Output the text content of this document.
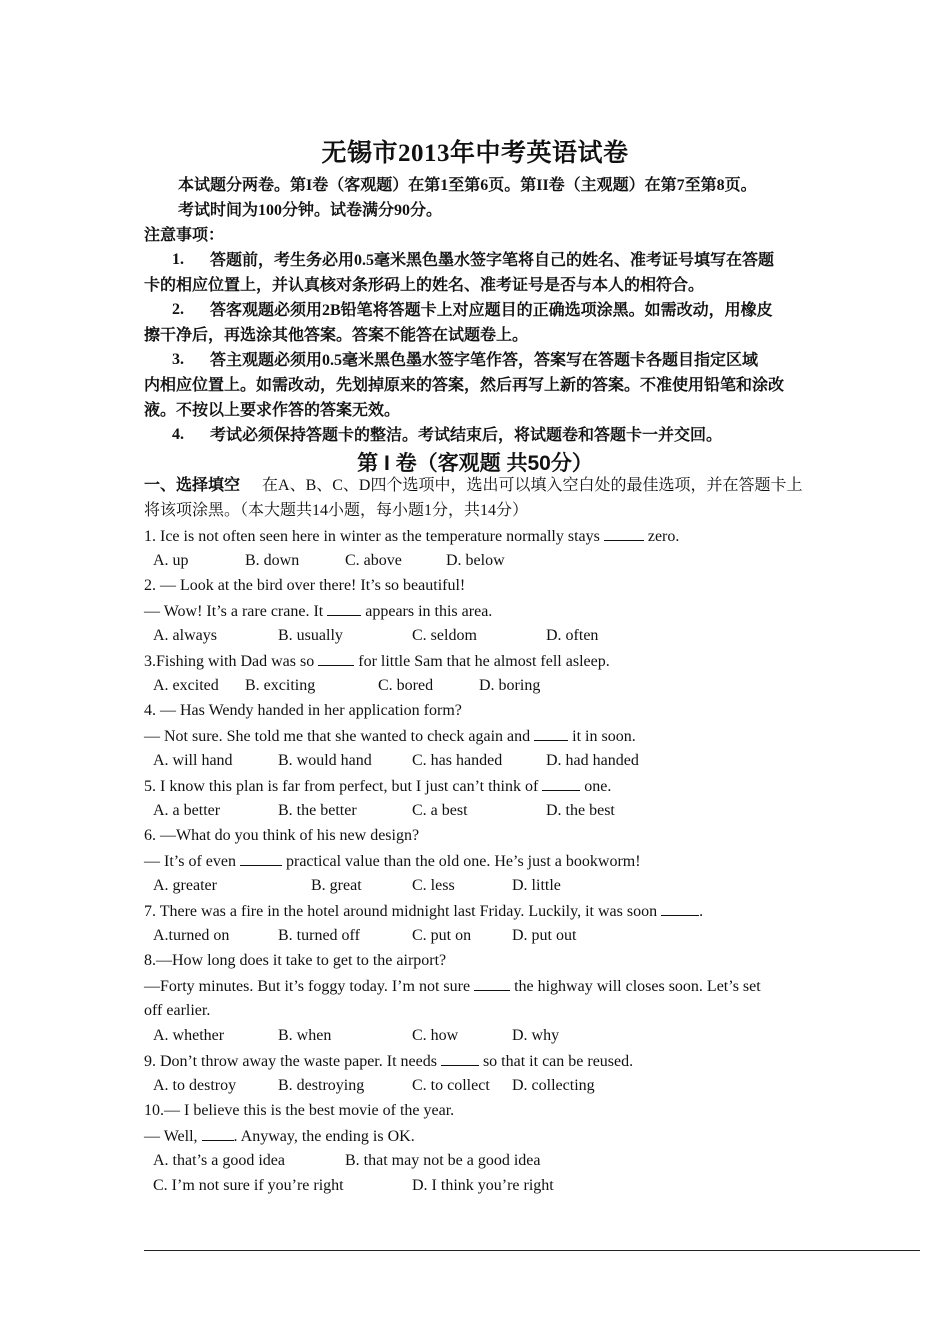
无锡市2013年中考英语试卷
本试题分两卷。第I卷（客观题）在第1至第6页。第II卷（主观题）在第7至第8页。
考试时间为100分钟。试卷满分90分。
注意事项：
1. 答题前，考生务必用0.5毫米黑色墨水签字笔将自己的姓名、准考证号填写在答题
卡的相应位置上，并认真核对条形码上的姓名、准考证号是否与本人的相符合。
2. 答客观题必须用2B铅笔将答题卡上对应题目的正确选项涂黑。如需改动，用橡皮
擦干净后，再选涂其他答案。答案不能答在试题卷上。
3. 答主观题必须用0.5毫米黑色墨水签字笔作答，答案写在答题卡各题目指定区域
内相应位置上。如需改动，先划掉原来的答案，然后再写上新的答案。不准使用铅笔和涂改
液。不按以上要求作答的答案无效。
4. 考试必须保持答题卡的整洁。考试结束后，将试题卷和答题卡一并交回。
第 I 卷（客观题 共50分）
一、选择填空 在A、B、C、D四个选项中，选出可以填入空白处的最佳选项，并在答题卡上
将该项涂黑。（本大题共14小题，每小题1分，共14分）
1. Ice is not often seen here in winter as the temperature normally stays	zero.
A. up	B. down	C. above	D. below
2. — Look at the bird over there! It’s so beautiful!
— Wow! It’s a rare crane. It  appears in this area.
A. always	B. usually	C. seldom	D. often
3.Fishing with Dad was so  for little Sam that he almost fell asleep.
A. excited B. exciting	C. bored	D. boring
4. — Has Wendy handed in her application form?
— Not sure. She told me that she wanted to check again and  it in soon.
A. will hand	B. would hand	C. has handed	D. had handed
5. I know this plan is far from perfect, but I just can’t think of  one.
A. a better	B. the better	C. a best	D. the best
6. —What do you think of his new design?
— It’s of even	practical value than the old one. He’s just a bookworm!
A. greater	B. great	C. less	D. little
7. There was a fire in the hotel around midnight last Friday. Luckily, it was soon .
A.turned on	B. turned off	C. put on	D. put out
8.—How long does it take to get to the airport?
—Forty minutes. But it’s foggy today. I’m not sure  the highway will closes soon. Let’s set
off earlier.
A. whether	B. when	C. how	D. why
9. Don’t throw away the waste paper. It needs  so that it can be reused.
A. to destroy	B. destroying	C. to collect D. collecting
10.— I believe this is the best movie of the year.
— Well, . Anyway, the ending is OK.
A. that’s a good idea	B. that may not be a good idea
C. I’m not sure if you’re right	D. I think you’re right
